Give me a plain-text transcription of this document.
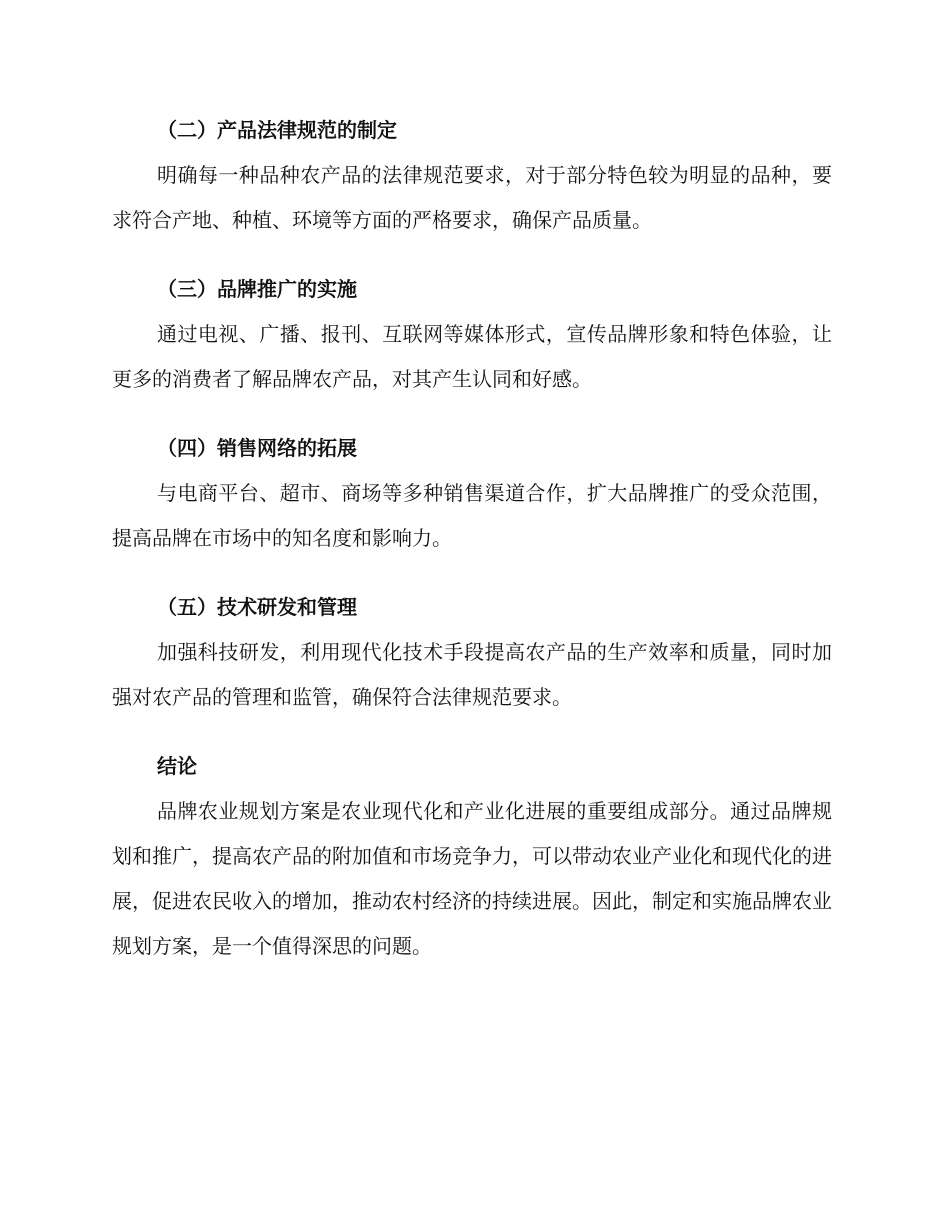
（二）产品法律规范的制定

明确每一种品种农产品的法律规范要求，对于部分特色较为明显的品种，要求符合产地、种植、环境等方面的严格要求，确保产品质量。

（三）品牌推广的实施

通过电视、广播、报刊、互联网等媒体形式，宣传品牌形象和特色体验，让更多的消费者了解品牌农产品，对其产生认同和好感。

（四）销售网络的拓展

与电商平台、超市、商场等多种销售渠道合作，扩大品牌推广的受众范围，提高品牌在市场中的知名度和影响力。

（五）技术研发和管理

加强科技研发，利用现代化技术手段提高农产品的生产效率和质量，同时加强对农产品的管理和监管，确保符合法律规范要求。

结论

品牌农业规划方案是农业现代化和产业化进展的重要组成部分。通过品牌规划和推广，提高农产品的附加值和市场竞争力，可以带动农业产业化和现代化的进展，促进农民收入的增加，推动农村经济的持续进展。因此，制定和实施品牌农业规划方案，是一个值得深思的问题。
